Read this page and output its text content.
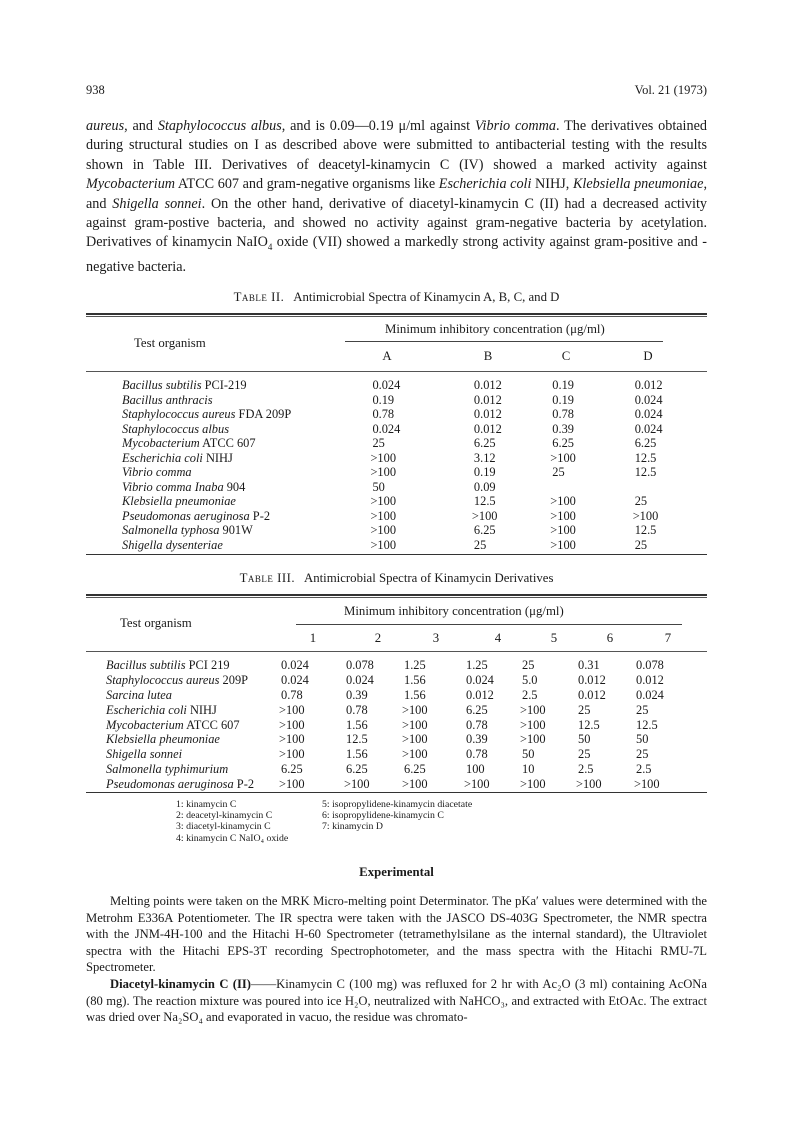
938	Vol. 21 (1973)
aureus, and Staphylococcus albus, and is 0.09—0.19 μ/ml against Vibrio comma. The derivatives obtained during structural studies on I as described above were submitted to antibacterial testing with the results shown in Table III. Derivatives of deacetyl-kinamycin C (IV) showed a marked activity against Mycobacterium ATCC 607 and gram-negative organisms like Escherichia coli NIHJ, Klebsiella pneumoniae, and Shigella sonnei. On the other hand, derivative of diacetyl-kinamycin C (II) had a decreased activity against gram-postive bacteria, and showed no activity against gram-negative bacteria by acetylation. Derivatives of kinamycin NaIO$_4$ oxide (VII) showed a markedly strong activity against gram-positive and -negative bacteria.
Table II. Antimicrobial Spectra of Kinamycin A, B, C, and D
Test organism
Minimum inhibitory concentration (μg/ml)
A	B	C	D
Bacillus subtilis PCI-219	0.024	0.012	0.19	0.012
Bacillus anthracis	0.19	0.012	0.19	0.024
Staphylococcus aureus FDA 209P	0.78	0.012	0.78	0.024
Staphylococcus albus	0.024	0.012	0.39	0.024
Mycobacterium ATCC 607	25	6.25	6.25	6.25
Escherichia coli NIHJ	>100	3.12	>100	12.5
Vibrio comma	>100	0.19	25	12.5
Vibrio comma Inaba 904	50	0.09		
Klebsiella pneumoniae	>100	12.5	>100	25
Pseudomonas aeruginosa P-2	>100	>100	>100	>100
Salmonella typhosa 901W	>100	6.25	>100	12.5
Shigella dysenteriae	>100	25	>100	25
Table III. Antimicrobial Spectra of Kinamycin Derivatives
Test organism
Minimum inhibitory concentration (μg/ml)
1	2	3	4	5	6	7
Bacillus subtilis PCI 219	0.024	0.078	1.25	1.25	25	0.31	0.078
Staphylococcus aureus 209P	0.024	0.024	1.56	0.024	5.0	0.012	0.012
Sarcina lutea	0.78	0.39	1.56	0.012	2.5	0.012	0.024
Escherichia coli NIHJ	>100	0.78	>100	6.25	>100	25	25
Mycobacterium ATCC 607	>100	1.56	>100	0.78	>100	12.5	12.5
Klebsiella pheumoniae	>100	12.5	>100	0.39	>100	50	50
Shigella sonnei	>100	1.56	>100	0.78	50	25	25
Salmonella typhimurium	6.25	6.25	6.25	100	10	2.5	2.5
Pseudomonas aeruginosa P-2	>100	>100	>100	>100	>100	>100	>100
1: kinamycin C
2: deacetyl-kinamycin C
3: diacetyl-kinamycin C
4: kinamycin C NaIO₄ oxide
5: isopropylidene-kinamycin diacetate
6: isopropylidene-kinamycin C
7: kinamycin D
Experimental

Melting points were taken on the MRK Micro-melting point Determinator. The pKa′ values were determined with the Metrohm E336A Potentiometer. The IR spectra were taken with the JASCO DS-403G Spectrometer, the NMR spectra with the JNM-4H-100 and the Hitachi H-60 Spectrometer (tetramethylsilane as the internal standard), the Ultraviolet spectra with the Hitachi EPS-3T recording Spectrophotometer, and the mass spectra with the Hitachi RMU-7L Spectrometer.

Diacetyl-kinamycin C (II)——Kinamycin C (100 mg) was refluxed for 2 hr with Ac₂O (3 ml) containing AcONa (80 mg). The reaction mixture was poured into ice H₂O, neutralized with NaHCO₃, and extracted with EtOAc. The extract was dried over Na₂SO₄ and evaporated in vacuo, the residue was chromato-
